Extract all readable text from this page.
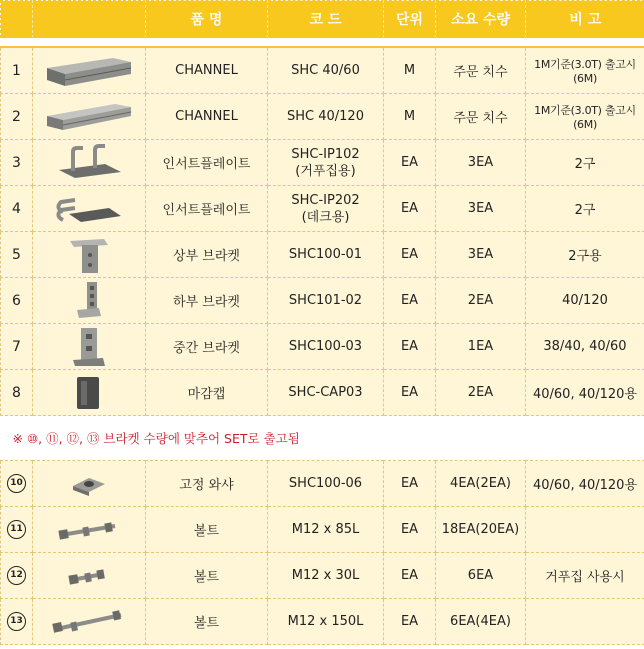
		품 명	코 드	단위	소요 수량	비 고

1		CHANNEL	SHC 40/60	M	주문 치수	1M기준(3.0T) 출고시(6M)
2		CHANNEL	SHC 40/120	M	주문 치수	1M기준(3.0T) 출고시(6M)
3		인서트플레이트	SHC-IP102
(거푸집용)	EA	3EA	2구
4		인서트플레이트	SHC-IP202
(데크용)	EA	3EA	2구
5		상부 브라켓	SHC100-01	EA	3EA	2구용
6		하부 브라켓	SHC101-02	EA	2EA	40/120
7		중간 브라켓	SHC100-03	EA	1EA	38/40, 40/60
8		마감캡	SHC-CAP03	EA	2EA	40/60, 40/120용
※ ⑩, ⑪, ⑫, ⑬ 브라켓 수량에 맞추어 SET로 출고됨						
10		고정 와샤	SHC100-06	EA	4EA(2EA)	40/60, 40/120용
11		볼트	M12 x 85L	EA	18EA(20EA)	
12		볼트	M12 x 30L	EA	6EA	거푸집 사용시
13		볼트	M12 x 150L	EA	6EA(4EA)	
